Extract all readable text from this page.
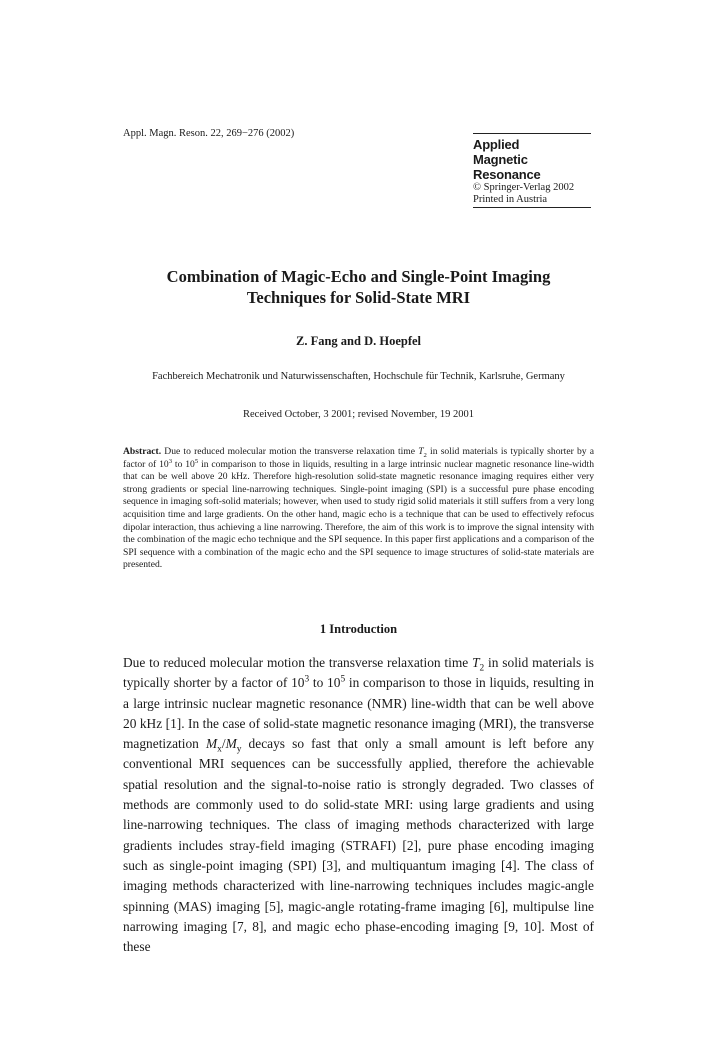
Appl. Magn. Reson. 22, 269−276 (2002)
Applied
Magnetic Resonance
© Springer-Verlag 2002
Printed in Austria
Combination of Magic-Echo and Single-Point Imaging
Techniques for Solid-State MRI
Z. Fang and D. Hoepfel
Fachbereich Mechatronik und Naturwissenschaften, Hochschule für Technik, Karlsruhe, Germany
Received October, 3 2001; revised November, 19 2001
Abstract. Due to reduced molecular motion the transverse relaxation time $T_2$ in solid materials is typically shorter by a factor of $10^3$ to $10^5$ in comparison to those in liquids, resulting in a large intrinsic nuclear magnetic resonance line-width that can be well above 20 kHz. Therefore high-resolution solid-state magnetic resonance imaging requires either very strong gradients or special line-narrowing techniques. Single-point imaging (SPI) is a successful pure phase encoding sequence in imaging soft-solid materials; however, when used to study rigid solid materials it still suffers from a very long acquisition time and large gradients. On the other hand, magic echo is a technique that can be used to effectively refocus dipolar interaction, thus achieving a line narrowing. Therefore, the aim of this work is to improve the signal intensity with the combination of the magic echo technique and the SPI sequence. In this paper first applications and a comparison of the SPI sequence with a combination of the magic echo and the SPI sequence to image structures of solid-state materials are presented.
1 Introduction
Due to reduced molecular motion the transverse relaxation time $T_2$ in solid materials is typically shorter by a factor of $10^3$ to $10^5$ in comparison to those in liquids, resulting in a large intrinsic nuclear magnetic resonance (NMR) line-width that can be well above 20 kHz [1]. In the case of solid-state magnetic resonance imaging (MRI), the transverse magnetization $M_x/M_y$ decays so fast that only a small amount is left before any conventional MRI sequences can be successfully applied, therefore the achievable spatial resolution and the signal-to-noise ratio is strongly degraded. Two classes of methods are commonly used to do solid-state MRI: using large gradients and using line-narrowing techniques. The class of imaging methods characterized with large gradients includes stray-field imaging (STRAFI) [2], pure phase encoding imaging such as single-point imaging (SPI) [3], and multiquantum imaging [4]. The class of imaging methods characterized with line-narrowing techniques includes magic-angle spinning (MAS) imaging [5], magic-angle rotating-frame imaging [6], multipulse line narrowing imaging [7, 8], and magic echo phase-encoding imaging [9, 10]. Most of these
